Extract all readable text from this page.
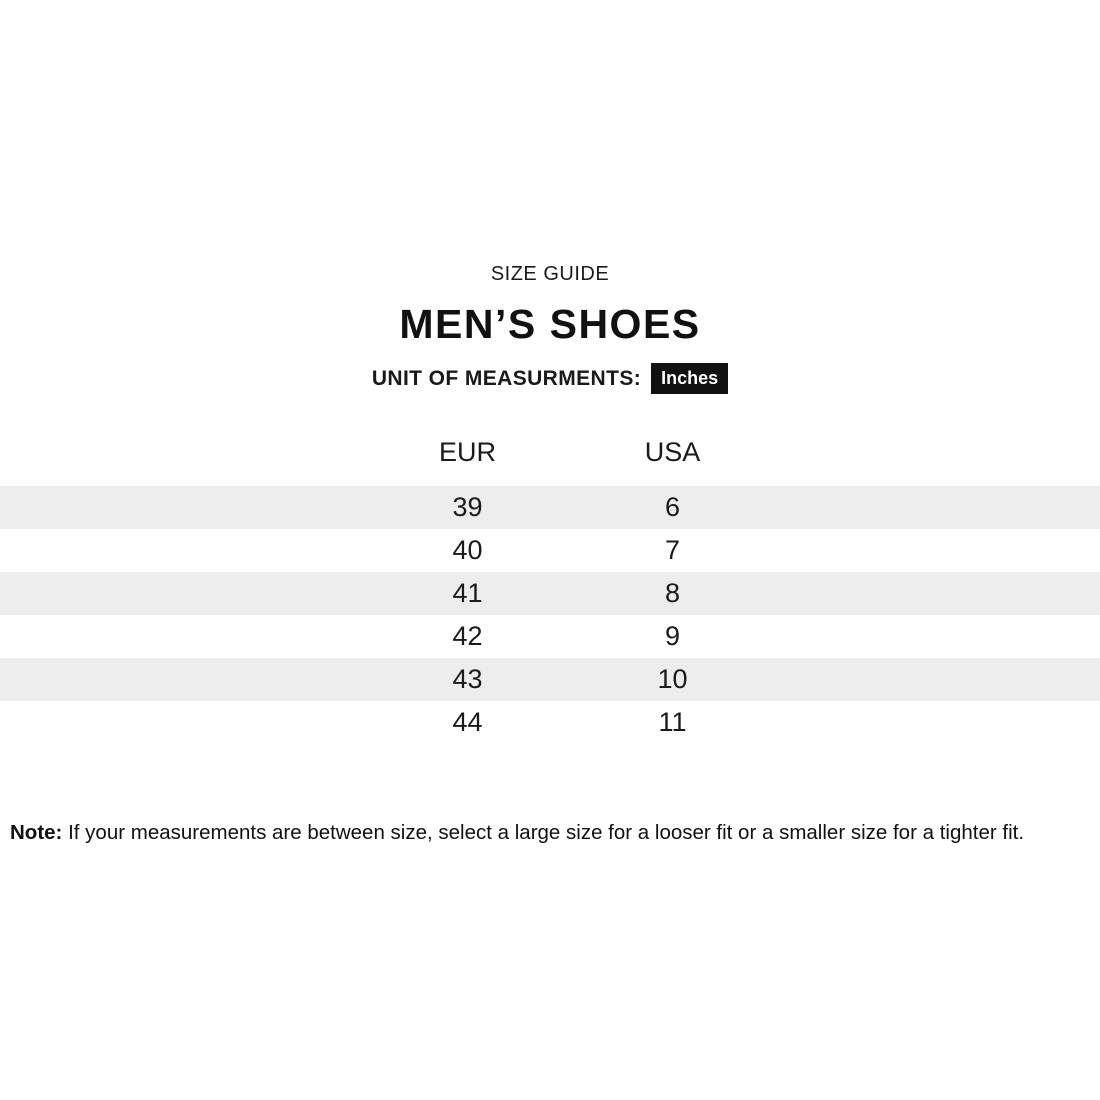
SIZE GUIDE
MEN’S SHOES
UNIT OF MEASURMENTS:	Inches
	EUR	USA	
	39	6	
	40	7	
	41	8	
	42	9	
	43	10	
	44	11	
Note: If your measurements are between size, select a large size for a looser fit or a smaller size for a tighter fit.
